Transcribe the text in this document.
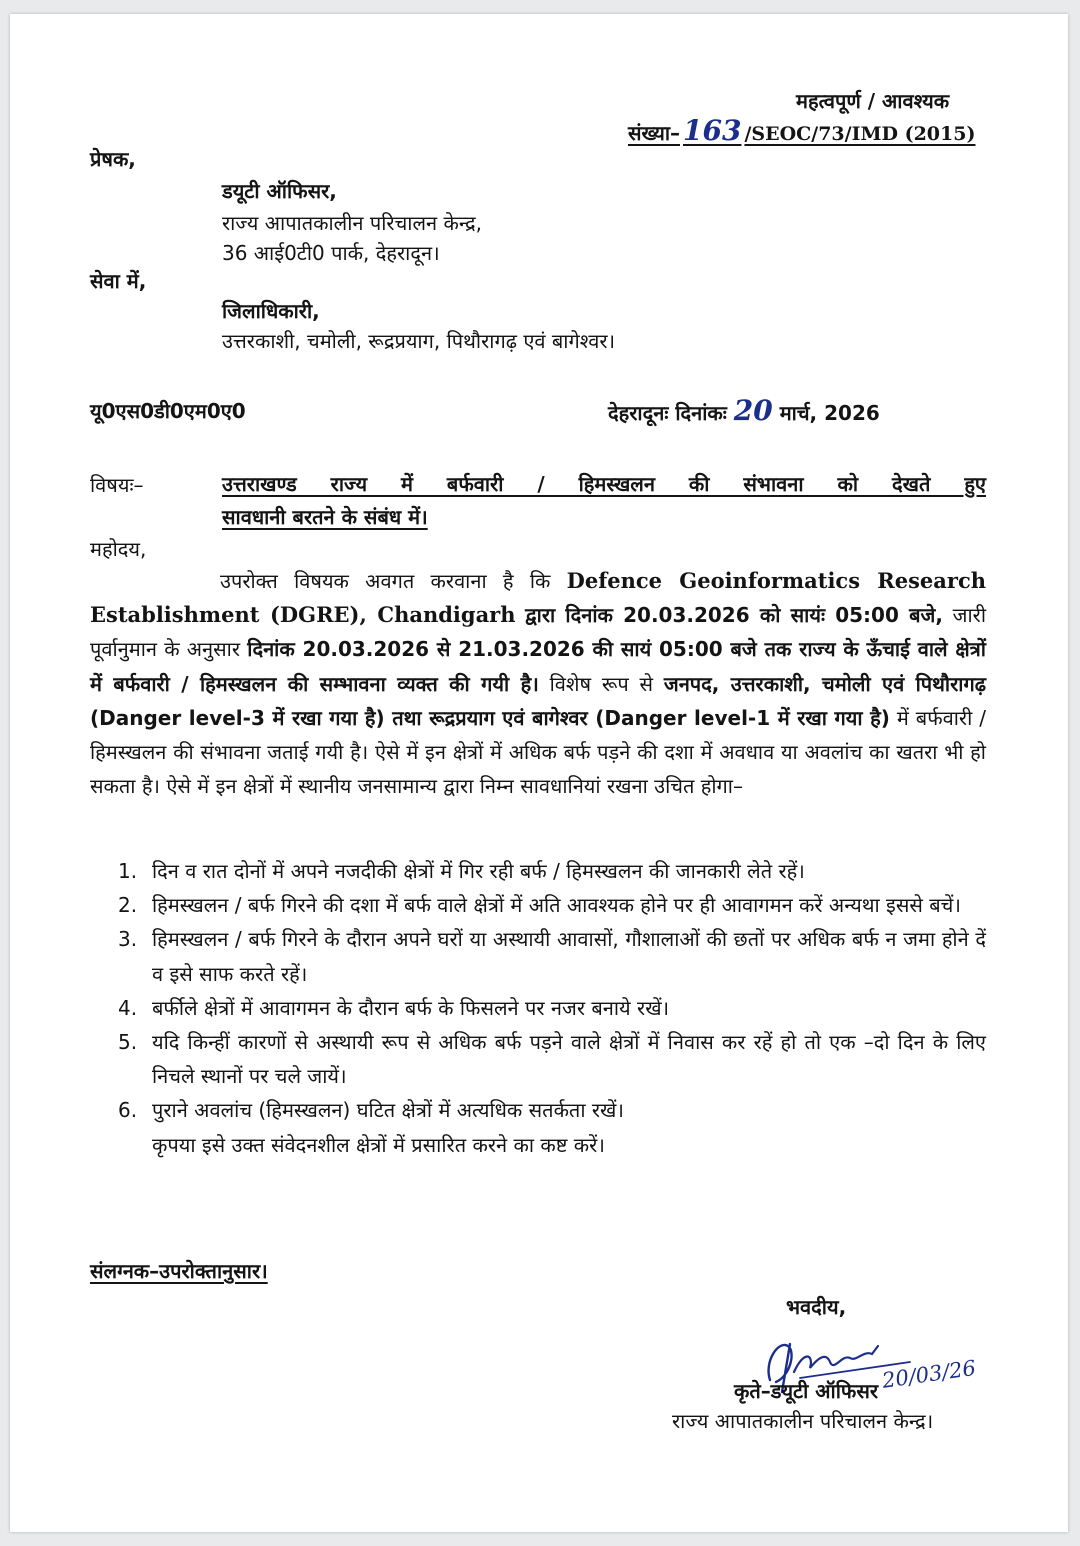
महत्वपूर्ण / आवश्यक
संख्या– 163 /SEOC/73/IMD (2015)
प्रेषक,
डयूटी ऑफिसर,
राज्य आपातकालीन परिचालन केन्द्र,
36 आई0टी0 पार्क, देहरादून।
सेवा में,
जिलाधिकारी,
उत्तरकाशी, चमोली, रूद्रप्रयाग, पिथौरागढ़ एवं बागेश्वर।
यू0एस0डी0एम0ए0	देहरादूनः दिनांकः 20 मार्च, 2026
विषयः–	उत्तराखण्ड राज्य में बर्फवारी / हिमस्खलन की संभावना को देखते हुए
सावधानी बरतने के संबंध में।
महोदय,
उपरोक्त विषयक अवगत करवाना है कि Defence Geoinformatics Research Establishment (DGRE), Chandigarh द्वारा दिनांक 20.03.2026 को सायंः 05:00 बजे, जारी पूर्वानुमान के अनुसार दिनांक 20.03.2026 से 21.03.2026 की सायं 05:00 बजे तक राज्य के ऊँचाई वाले क्षेत्रों में बर्फवारी / हिमस्खलन की सम्भावना व्यक्त की गयी है। विशेष रूप से जनपद, उत्तरकाशी, चमोली एवं पिथौरागढ़ (Danger level-3 में रखा गया है) तथा रूद्रप्रयाग एवं बागेश्वर (Danger level-1 में रखा गया है) में बर्फवारी / हिमस्खलन की संभावना जताई गयी है। ऐसे में इन क्षेत्रों में अधिक बर्फ पड़ने की दशा में अवधाव या अवलांच का खतरा भी हो सकता है। ऐसे में इन क्षेत्रों में स्थानीय जनसामान्य द्वारा निम्न सावधानियां रखना उचित होगा–
1. दिन व रात दोनों में अपने नजदीकी क्षेत्रों में गिर रही बर्फ / हिमस्खलन की जानकारी लेते रहें।
2. हिमस्खलन / बर्फ गिरने की दशा में बर्फ वाले क्षेत्रों में अति आवश्यक होने पर ही आवागमन करें अन्यथा इससे बचें।
3. हिमस्खलन / बर्फ गिरने के दौरान अपने घरों या अस्थायी आवासों, गौशालाओं की छतों पर अधिक बर्फ न जमा होने दें व इसे साफ करते रहें।
4. बर्फीले क्षेत्रों में आवागमन के दौरान बर्फ के फिसलने पर नजर बनाये रखें।
5. यदि किन्हीं कारणों से अस्थायी रूप से अधिक बर्फ पड़ने वाले क्षेत्रों में निवास कर रहें हो तो एक –दो दिन के लिए निचले स्थानों पर चले जायें।
6. पुराने अवलांच (हिमस्खलन) घटित क्षेत्रों में अत्यधिक सतर्कता रखें।
कृपया इसे उक्त संवेदनशील क्षेत्रों में प्रसारित करने का कष्ट करें।
संलग्नक–उपरोक्तानुसार।
भवदीय,
20/03/26
कृते–डयूटी ऑफिसर
राज्य आपातकालीन परिचालन केन्द्र।
